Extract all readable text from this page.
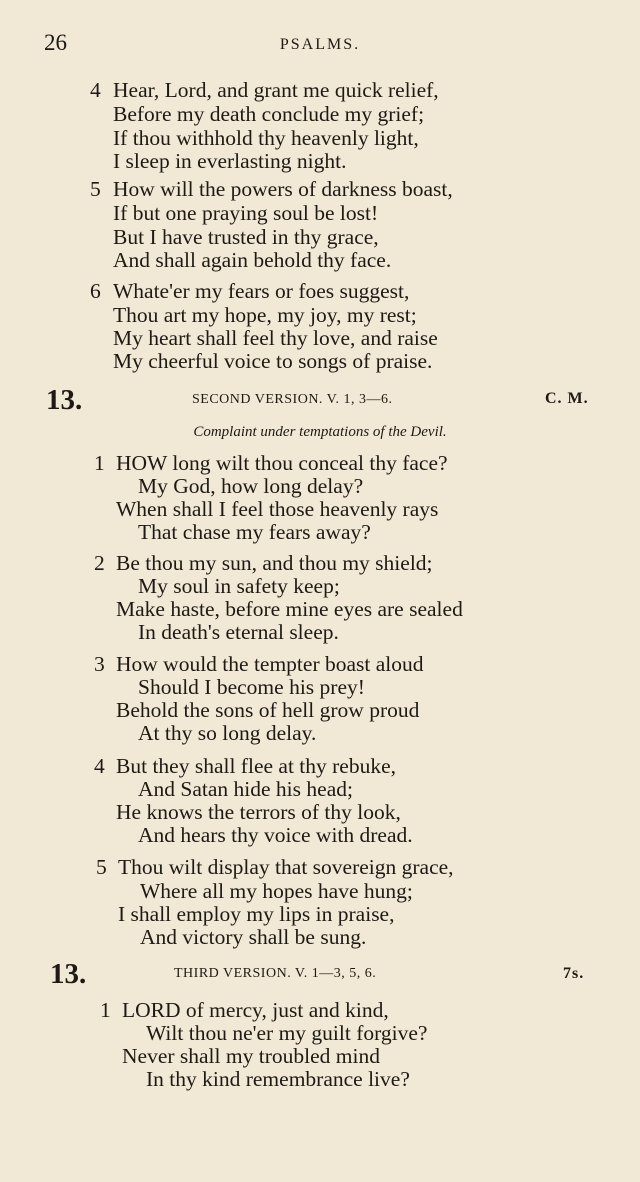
26	PSALMS.
4 Hear, Lord, and grant me quick relief,
Before my death conclude my grief;
If thou withhold thy heavenly light,
I sleep in everlasting night.
5 How will the powers of darkness boast,
If but one praying soul be lost!
But I have trusted in thy grace,
And shall again behold thy face.
6 Whate'er my fears or foes suggest,
Thou art my hope, my joy, my rest;
My heart shall feel thy love, and raise
My cheerful voice to songs of praise.
13.	SECOND VERSION. V. 1, 3—6.	C. M.
Complaint under temptations of the Devil.
1 HOW long wilt thou conceal thy face?
My God, how long delay?
When shall I feel those heavenly rays
That chase my fears away?
2 Be thou my sun, and thou my shield;
My soul in safety keep;
Make haste, before mine eyes are sealed
In death's eternal sleep.
3 How would the tempter boast aloud
Should I become his prey!
Behold the sons of hell grow proud
At thy so long delay.
4 But they shall flee at thy rebuke,
And Satan hide his head;
He knows the terrors of thy look,
And hears thy voice with dread.
5 Thou wilt display that sovereign grace,
Where all my hopes have hung;
I shall employ my lips in praise,
And victory shall be sung.
13.	THIRD VERSION. V. 1—3, 5, 6.	7s.
1 LORD of mercy, just and kind,
Wilt thou ne'er my guilt forgive?
Never shall my troubled mind
In thy kind remembrance live?
